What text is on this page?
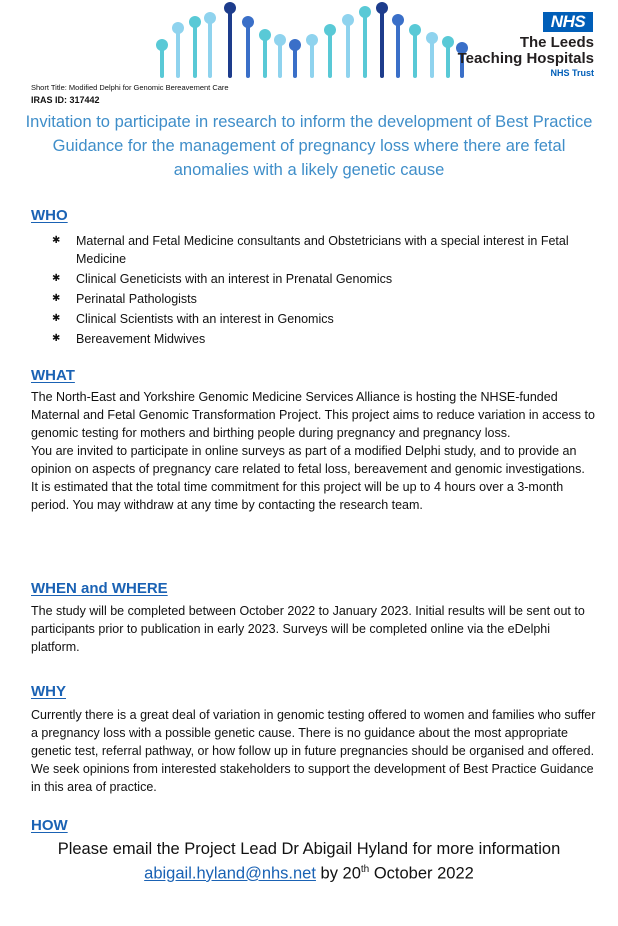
NHS
The Leeds
Teaching Hospitals
NHS Trust
Short Title: Modified Delphi for Genomic Bereavement Care
IRAS ID: 317442
Invitation to participate in research to inform the development of Best Practice Guidance for the management of pregnancy loss where there are fetal anomalies with a likely genetic cause
WHO
✱ Maternal and Fetal Medicine consultants and Obstetricians with a special interest in Fetal Medicine
✱ Clinical Geneticists with an interest in Prenatal Genomics
✱ Perinatal Pathologists
✱ Clinical Scientists with an interest in Genomics
✱ Bereavement Midwives
WHAT

The North-East and Yorkshire Genomic Medicine Services Alliance is hosting the NHSE-funded Maternal and Fetal Genomic Transformation Project. This project aims to reduce variation in access to genomic testing for mothers and birthing people during pregnancy and pregnancy loss.

You are invited to participate in online surveys as part of a modified Delphi study, and to provide an opinion on aspects of pregnancy care related to fetal loss, bereavement and genomic investigations.

It is estimated that the total time commitment for this project will be up to 4 hours over a 3-month period. You may withdraw at any time by contacting the research team.

WHEN and WHERE
The study will be completed between October 2022 to January 2023. Initial results will be sent out to participants prior to publication in early 2023. Surveys will be completed online via the eDelphi platform.
WHY
Currently there is a great deal of variation in genomic testing offered to women and families who suffer a pregnancy loss with a possible genetic cause. There is no guidance about the most appropriate genetic test, referral pathway, or how follow up in future pregnancies should be organised and offered. We seek opinions from interested stakeholders to support the development of Best Practice Guidance in this area of practice.
HOW
Please email the Project Lead Dr Abigail Hyland for more information
abigail.hyland@nhs.net by 20th October 2022
